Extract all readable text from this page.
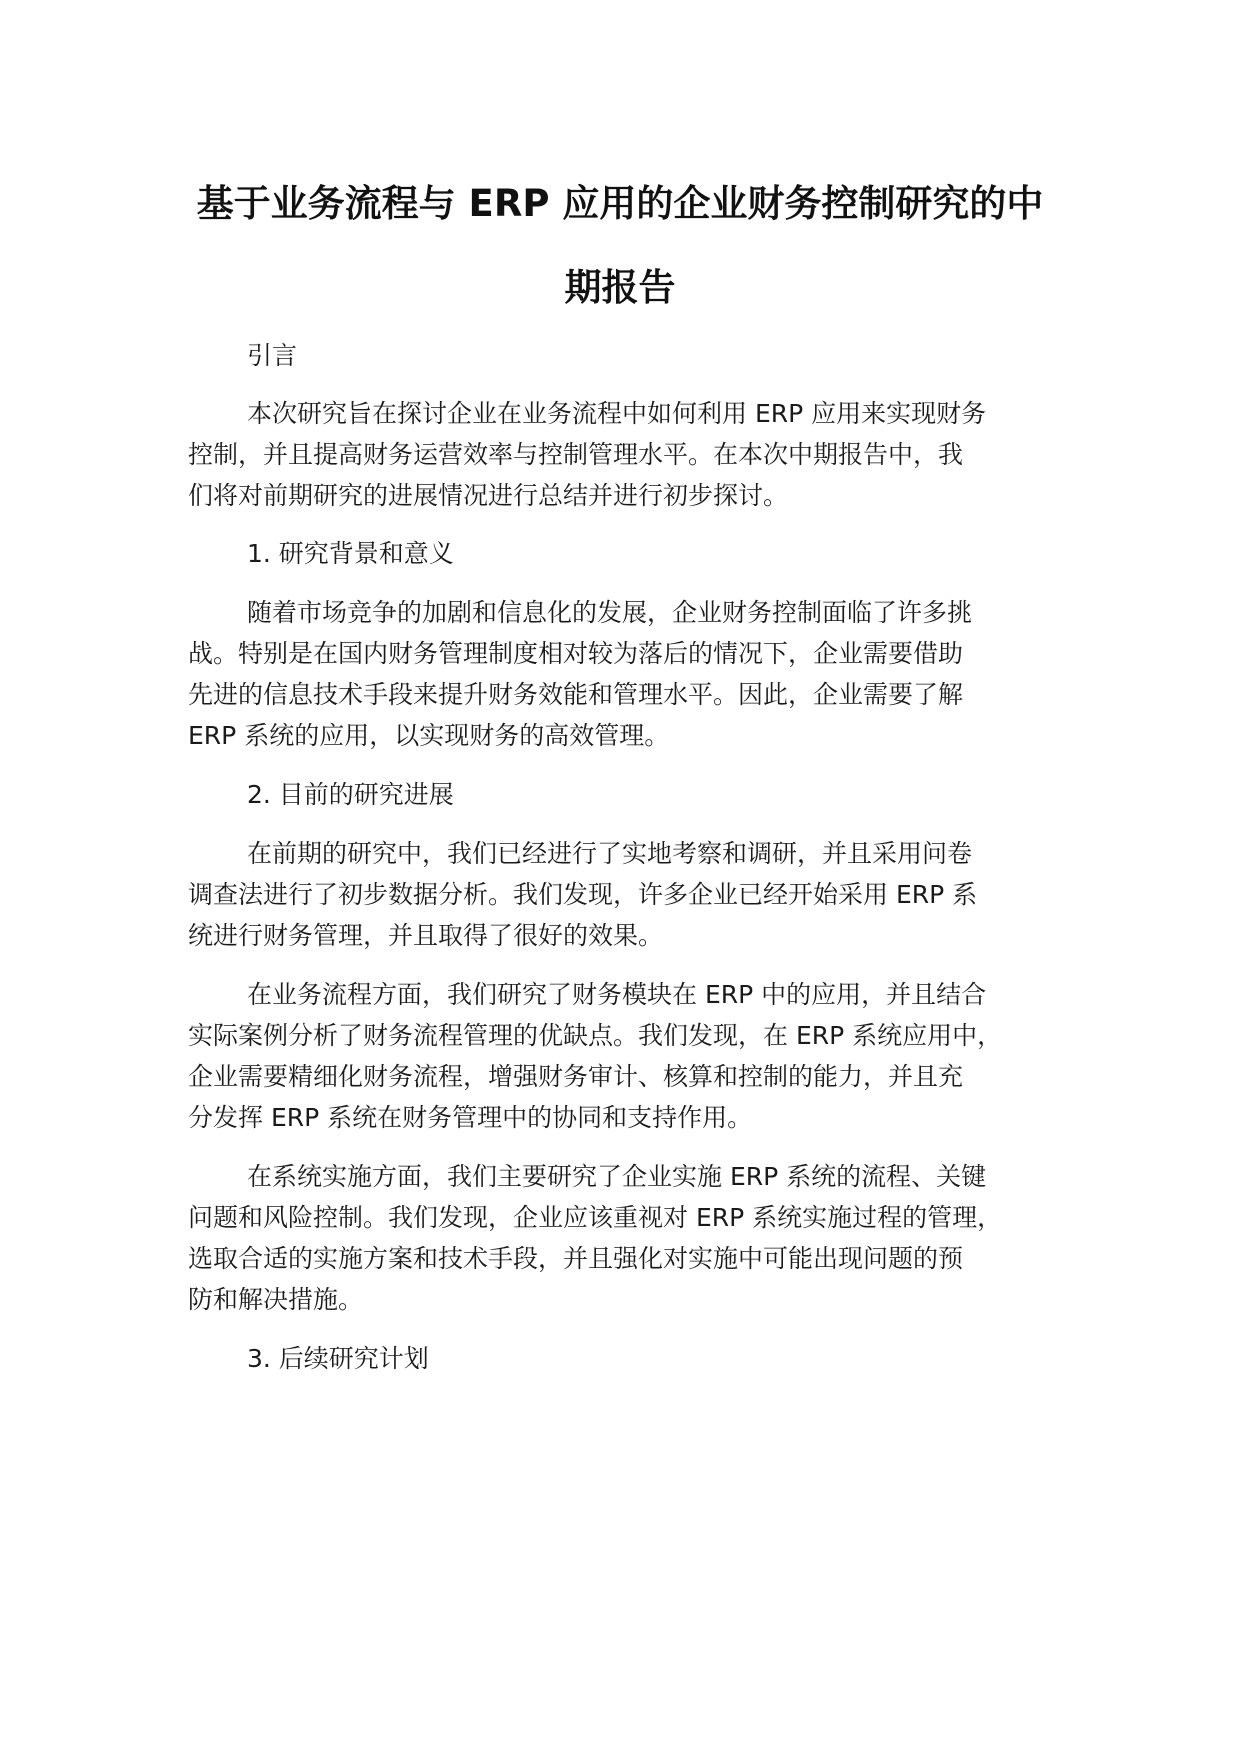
基于业务流程与 ERP 应用的企业财务控制研究的中
期报告
引言
本次研究旨在探讨企业在业务流程中如何利用 ERP 应用来实现财务
控制，并且提高财务运营效率与控制管理水平。在本次中期报告中，我
们将对前期研究的进展情况进行总结并进行初步探讨。
1. 研究背景和意义
随着市场竞争的加剧和信息化的发展，企业财务控制面临了许多挑
战。特别是在国内财务管理制度相对较为落后的情况下，企业需要借助
先进的信息技术手段来提升财务效能和管理水平。因此，企业需要了解
ERP 系统的应用，以实现财务的高效管理。
2. 目前的研究进展
在前期的研究中，我们已经进行了实地考察和调研，并且采用问卷
调查法进行了初步数据分析。我们发现，许多企业已经开始采用 ERP 系
统进行财务管理，并且取得了很好的效果。
在业务流程方面，我们研究了财务模块在 ERP 中的应用，并且结合
实际案例分析了财务流程管理的优缺点。我们发现，在 ERP 系统应用中，
企业需要精细化财务流程，增强财务审计、核算和控制的能力，并且充
分发挥 ERP 系统在财务管理中的协同和支持作用。
在系统实施方面，我们主要研究了企业实施 ERP 系统的流程、关键
问题和风险控制。我们发现，企业应该重视对 ERP 系统实施过程的管理，
选取合适的实施方案和技术手段，并且强化对实施中可能出现问题的预
防和解决措施。
3. 后续研究计划
